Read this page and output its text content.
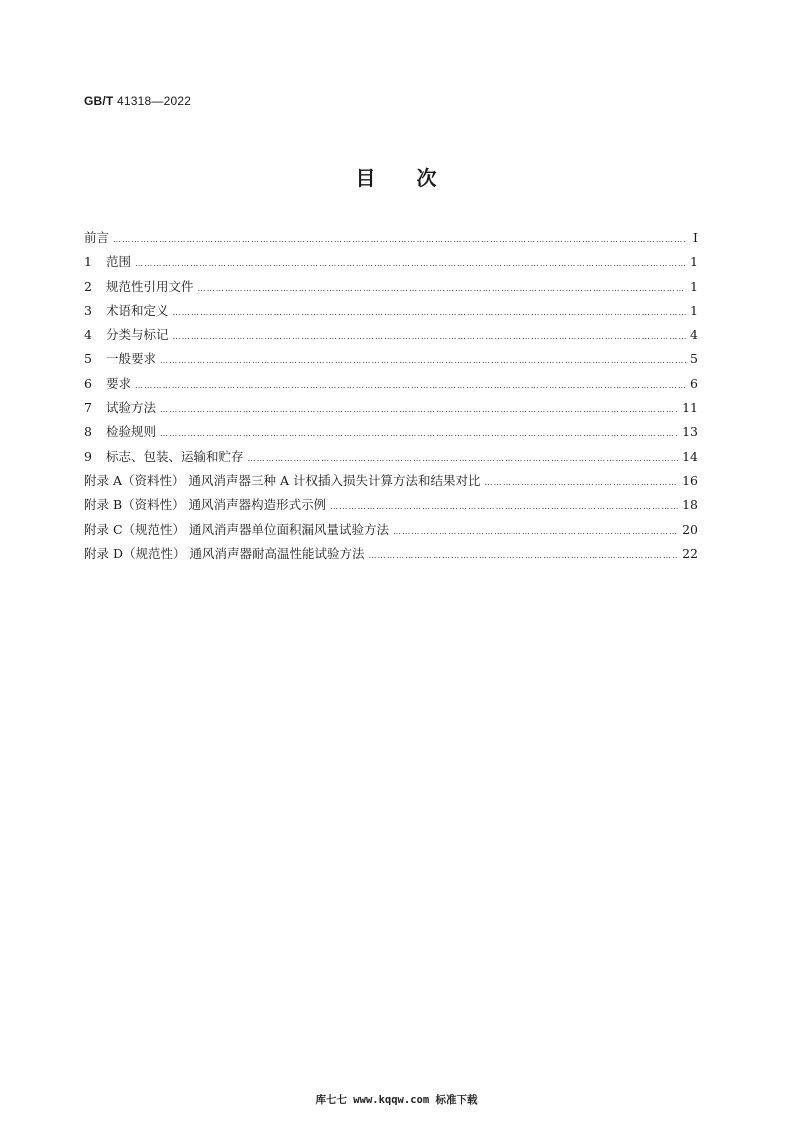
GB/T 41318—2022
目 次
前言 ……………………………………………………………………………………………………………………………………………………………………………………………………………………………………	Ⅰ
1 范围 ……………………………………………………………………………………………………………………………………………………………………………………………………………………………………	1
2 规范性引用文件 ……………………………………………………………………………………………………………………………………………………………………………………………………………………………………	1
3 术语和定义 ……………………………………………………………………………………………………………………………………………………………………………………………………………………………………	1
4 分类与标记 ……………………………………………………………………………………………………………………………………………………………………………………………………………………………………	4
5 一般要求 ……………………………………………………………………………………………………………………………………………………………………………………………………………………………………	5
6 要求 ……………………………………………………………………………………………………………………………………………………………………………………………………………………………………	6
7 试验方法 ……………………………………………………………………………………………………………………………………………………………………………………………………………………………………	11
8 检验规则 ……………………………………………………………………………………………………………………………………………………………………………………………………………………………………	13
9 标志、包装、运输和贮存 ……………………………………………………………………………………………………………………………………………………………………………………………………………………………………	14
附录 A（资料性） 通风消声器三种 A 计权插入损失计算方法和结果对比 ……………………………………………………………………………………………………………………………………………………………………………………………………………………………………	16
附录 B（资料性） 通风消声器构造形式示例 ……………………………………………………………………………………………………………………………………………………………………………………………………………………………………	18
附录 C（规范性） 通风消声器单位面积漏风量试验方法 ……………………………………………………………………………………………………………………………………………………………………………………………………………………………………	20
附录 D（规范性） 通风消声器耐高温性能试验方法 ……………………………………………………………………………………………………………………………………………………………………………………………………………………………………	22
库七七 www.kqqw.com 标准下载
